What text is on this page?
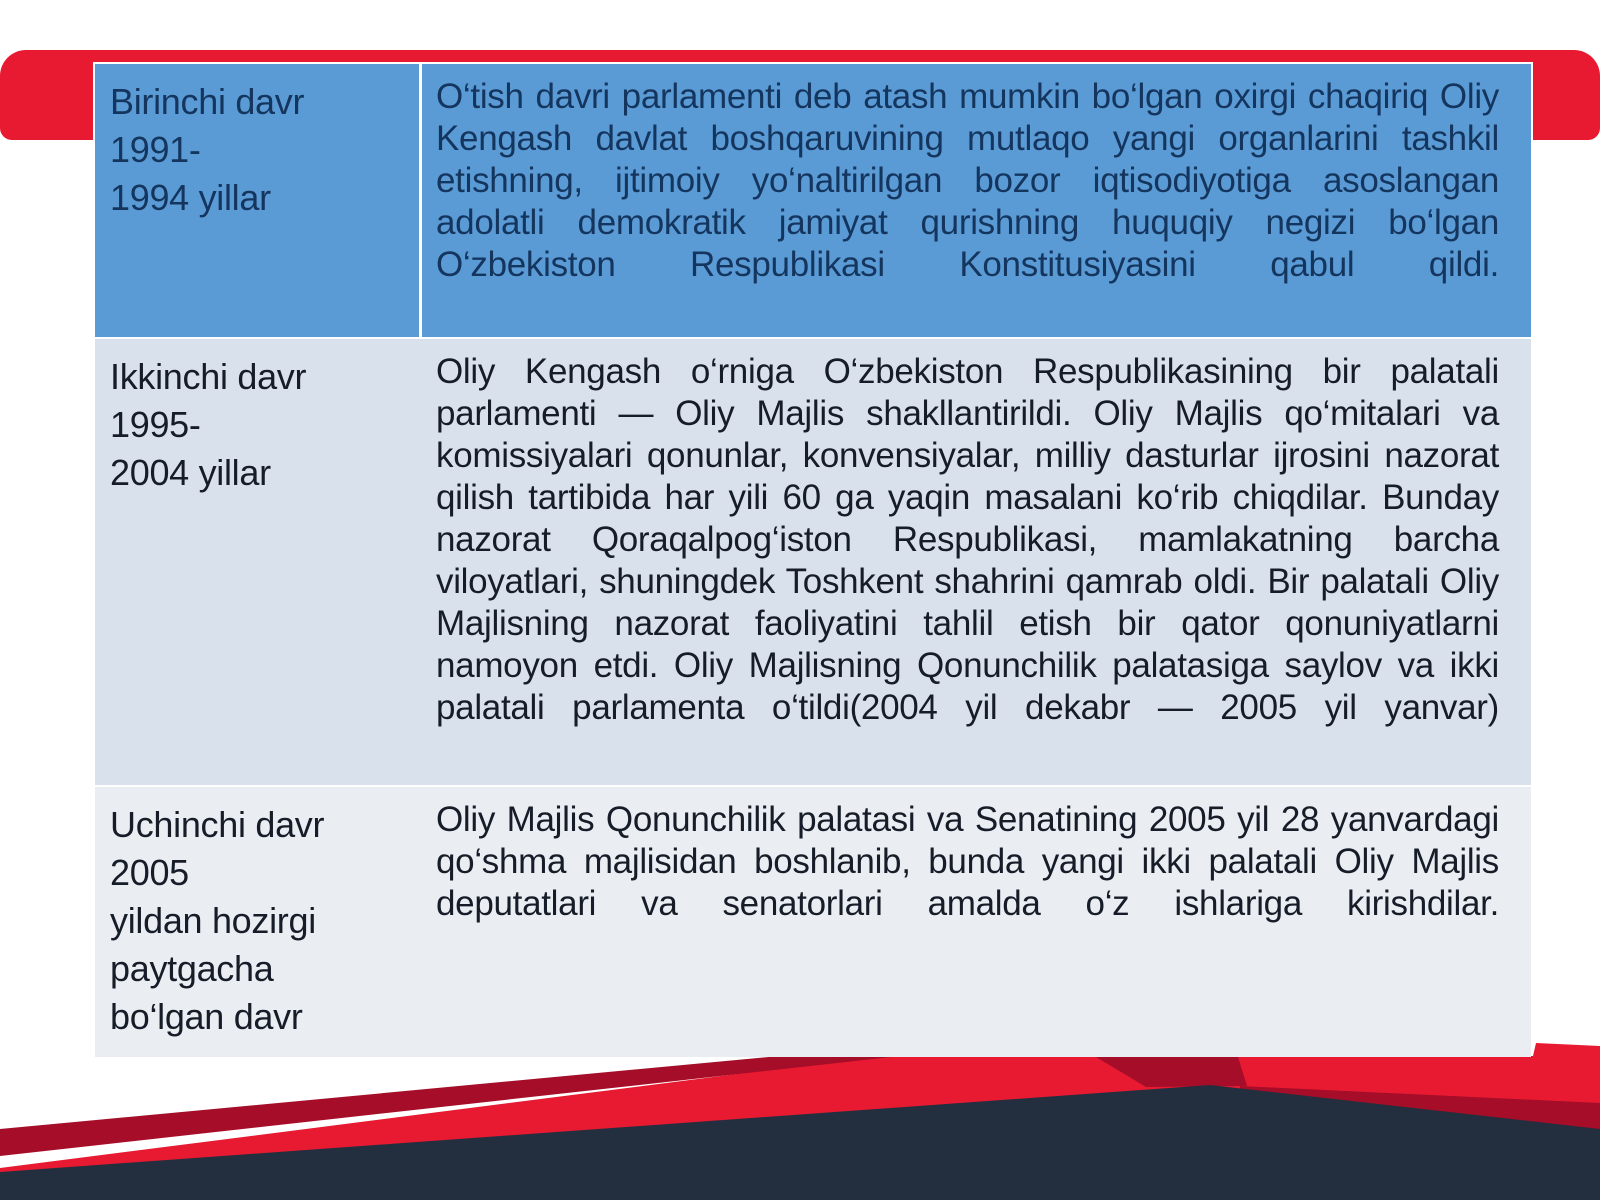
Birinchi davr
1991-
1994 yillar

O‘tish davri parlamenti deb atash mumkin bo‘lgan oxirgi chaqiriq Oliy Kengash davlat boshqaruvining mutlaqo yangi organlarini tashkil etishning, ijtimoiy yo‘naltirilgan bozor iqtisodiyotiga asoslangan adolatli demokratik jamiyat qurishning huquqiy negizi bo‘lgan O‘zbekiston Respublikasi Konstitusiyasini qabul qildi.

Ikkinchi davr
1995-
2004 yillar

Oliy Kengash o‘rniga O‘zbekiston Respublikasining bir palatali parlamenti — Oliy Majlis shakllantirildi. Oliy Majlis qo‘mitalari va komissiyalari qonunlar, konvensiyalar, milliy dasturlar ijrosini nazorat qilish tartibida har yili 60 ga yaqin masalani ko‘rib chiqdilar. Bunday nazorat Qoraqalpog‘iston Respublikasi, mamlakatning barcha viloyatlari, shuningdek Toshkent shahrini qamrab oldi. Bir palatali Oliy Majlisning nazorat faoliyatini tahlil etish bir qator qonuniyatlarni namoyon etdi. Oliy Majlisning Qonunchilik palatasiga saylov va ikki palatali parlamenta o‘tildi(2004 yil dekabr — 2005 yil yanvar)

Uchinchi davr
2005
yildan hozirgi
paytgacha
bo‘lgan davr

Oliy Majlis Qonunchilik palatasi va Senatining 2005 yil 28 yanvardagi qo‘shma majlisidan boshlanib, bunda yangi ikki palatali Oliy Majlis deputatlari va senatorlari amalda o‘z ishlariga kirishdilar.
